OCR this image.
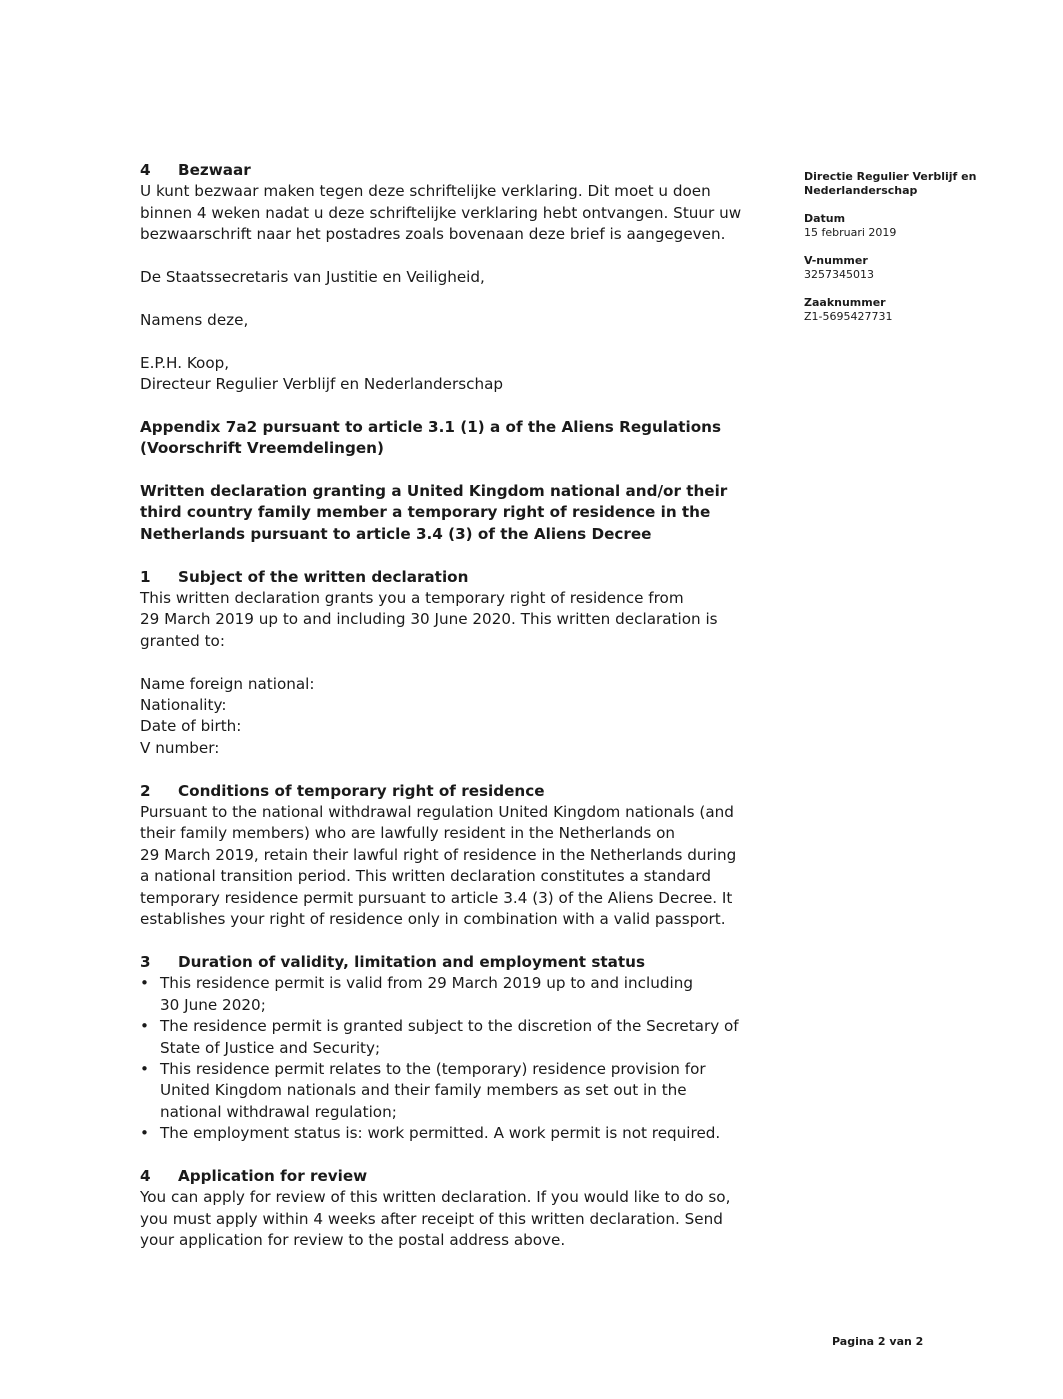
4 Bezwaar

U kunt bezwaar maken tegen deze schriftelijke verklaring. Dit moet u doen

binnen 4 weken nadat u deze schriftelijke verklaring hebt ontvangen. Stuur uw

bezwaarschrift naar het postadres zoals bovenaan deze brief is aangegeven.

De Staatssecretaris van Justitie en Veiligheid,

Namens deze,

E.P.H. Koop,

Directeur Regulier Verblijf en Nederlanderschap

Appendix 7a2 pursuant to article 3.1 (1) a of the Aliens Regulations

(Voorschrift Vreemdelingen)

Written declaration granting a United Kingdom national and/or their

third country family member a temporary right of residence in the

Netherlands pursuant to article 3.4 (3) of the Aliens Decree

1 Subject of the written declaration

This written declaration grants you a temporary right of residence from

29 March 2019 up to and including 30 June 2020. This written declaration is

granted to:

Name foreign national:

Nationality:

Date of birth:

V number:

2 Conditions of temporary right of residence

Pursuant to the national withdrawal regulation United Kingdom nationals (and

their family members) who are lawfully resident in the Netherlands on

29 March 2019, retain their lawful right of residence in the Netherlands during

a national transition period. This written declaration constitutes a standard

temporary residence permit pursuant to article 3.4 (3) of the Aliens Decree. It

establishes your right of residence only in combination with a valid passport.

3 Duration of validity, limitation and employment status
• This residence permit is valid from 29 March 2019 up to and including
30 June 2020;
• The residence permit is granted subject to the discretion of the Secretary of
State of Justice and Security;
• This residence permit relates to the (temporary) residence provision for
United Kingdom nationals and their family members as set out in the
national withdrawal regulation;
• The employment status is: work permitted. A work permit is not required.
4 Application for review

You can apply for review of this written declaration. If you would like to do so,

you must apply within 4 weeks after receipt of this written declaration. Send

your application for review to the postal address above.

Directie Regulier Verblijf en Nederlanderschap
Datum
15 februari 2019
V-nummer
3257345013
Zaaknummer
Z1-5695427731
Pagina 2 van 2
